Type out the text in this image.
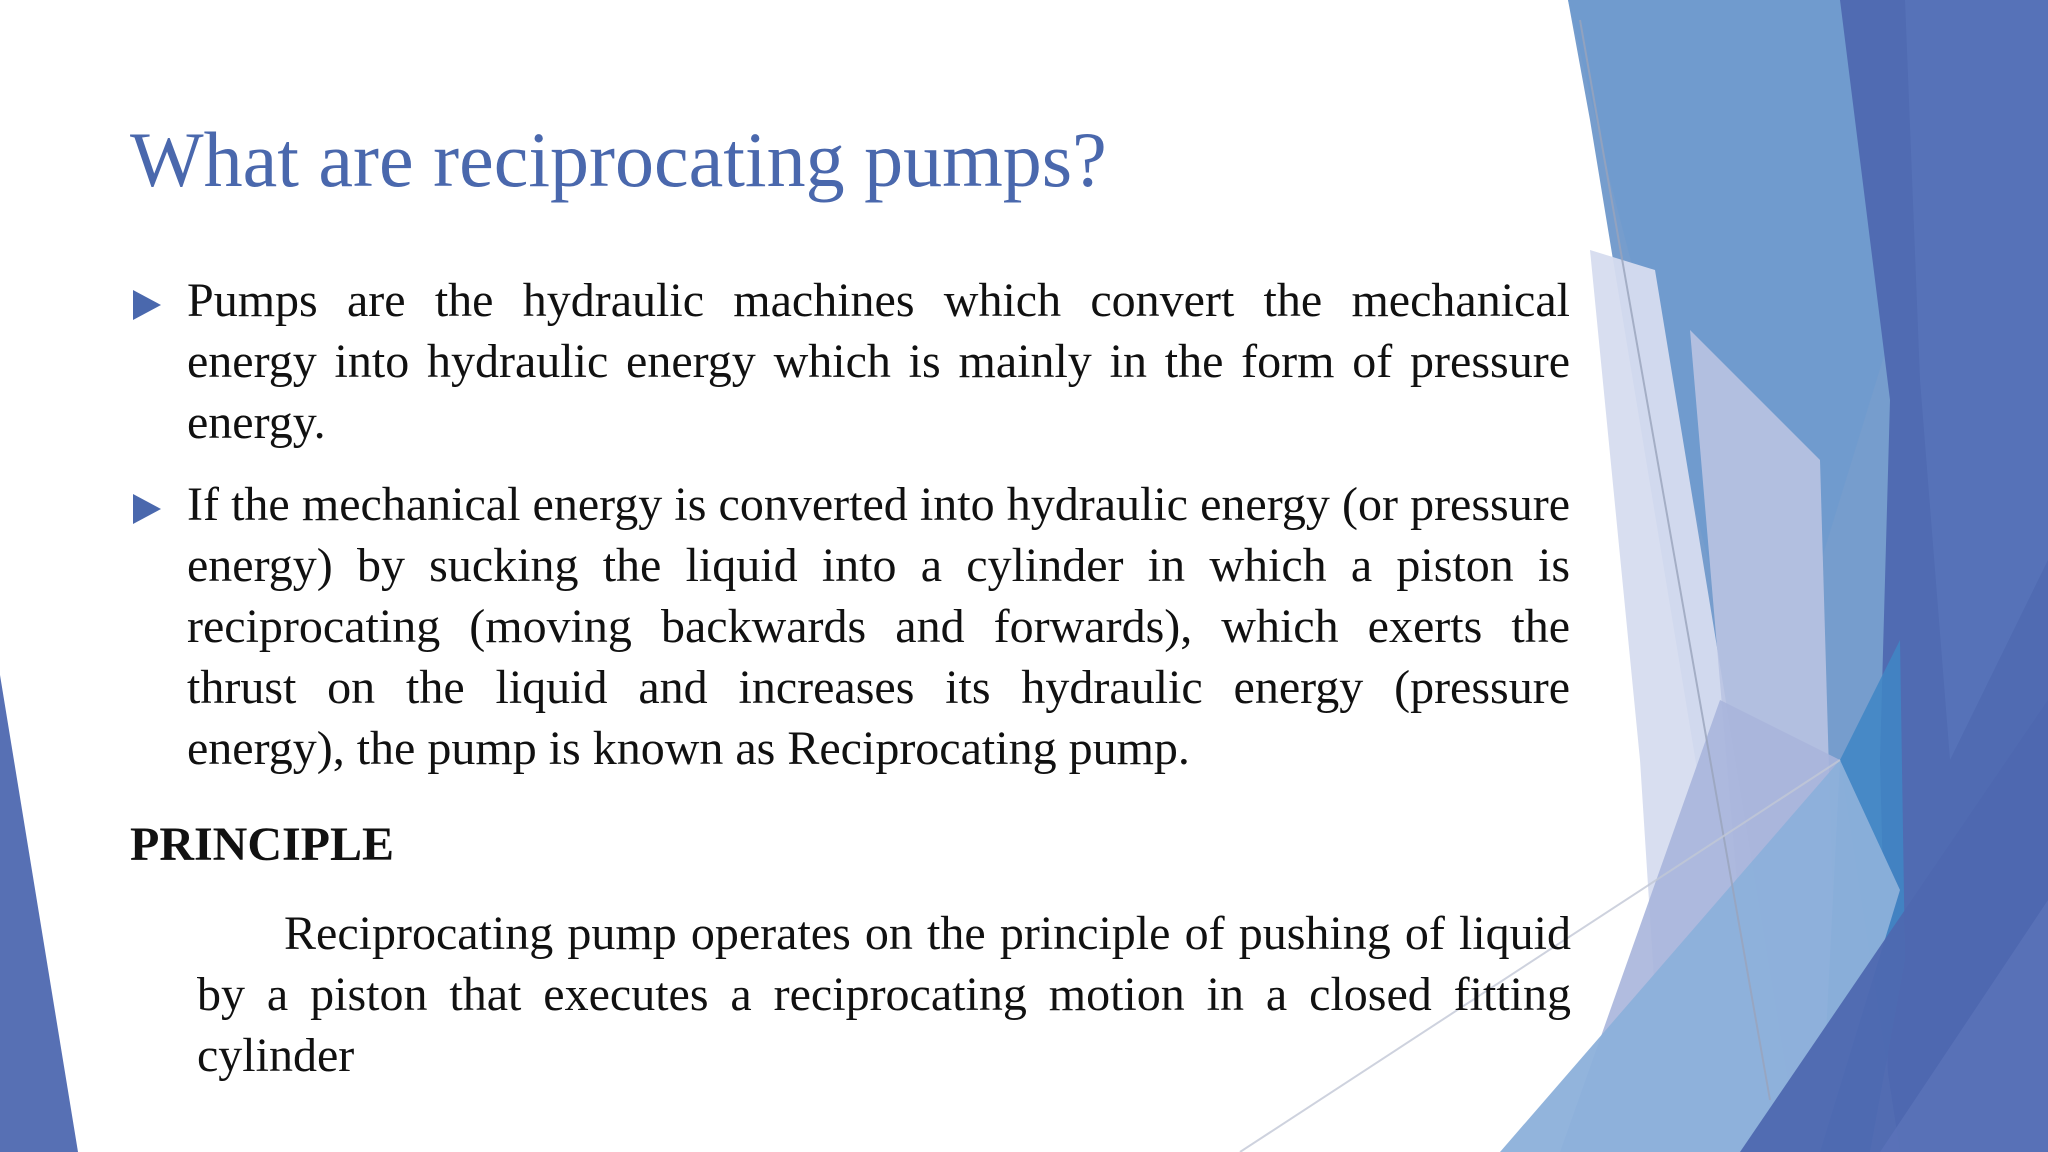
What are reciprocating pumps?
Pumps are the hydraulic machines which convert the mechanical energy into hydraulic energy which is mainly in the form of pressure energy.
If the mechanical energy is converted into hydraulic energy (or pressure energy) by sucking the liquid into a cylinder in which a piston is reciprocating (moving backwards and forwards), which exerts the thrust on the liquid and increases its hydraulic energy (pressure energy), the pump is known as Reciprocating pump.
PRINCIPLE

Reciprocating pump operates on the principle of pushing of liquid by a piston that executes a reciprocating motion in a closed fitting cylinder
